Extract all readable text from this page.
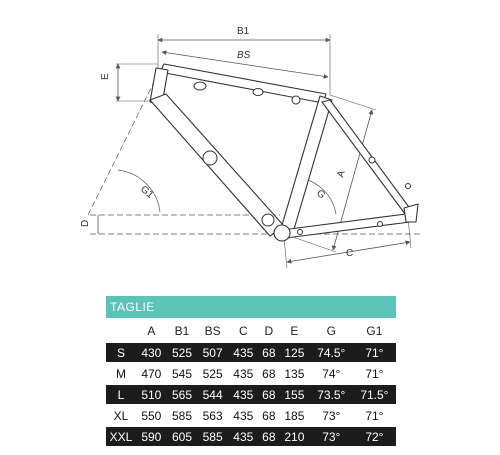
B1
BS
E
A
C
D
G1	G
TAGLIE
	A	B1	BS	C	D	E	G	G1
S	430	525	507	435	68	125	74.5°	71°
M	470	545	525	435	68	135	74°	71°
L	510	565	544	435	68	155	73.5°	71.5°
XL	550	585	563	435	68	185	73°	71°
XXL	590	605	585	435	68	210	73°	72°
